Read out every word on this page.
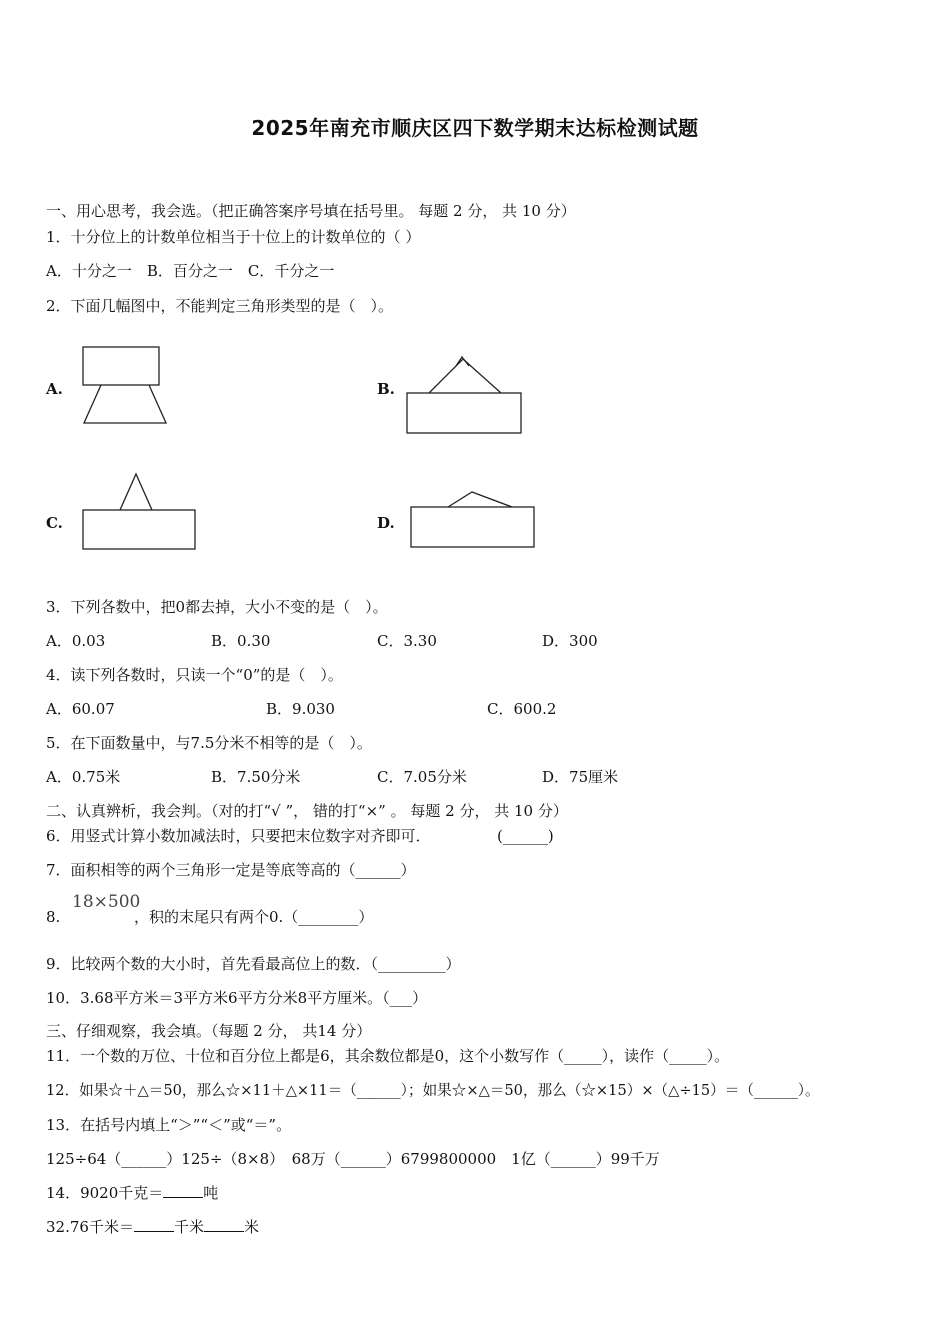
2025年南充市顺庆区四下数学期末达标检测试题
一、用心思考，我会选。（把正确答案序号填在括号里。 每题 2 分， 共 10 分）
1．十分位上的计数单位相当于十位上的计数单位的（ ）
A．十分之一　B．百分之一　C．千分之一
2．下面几幅图中，不能判定三角形类型的是（　）。
A.	B.
C.	D.
3．下列各数中，把0都去掉，大小不变的是（　）。
A．0.03	B．0.30	C．3.30	D．300
4．读下列各数时，只读一个“0”的是（　）。
A．60.07	B．9.030	C．600.2
5．在下面数量中，与7.5分米不相等的是（　）。
A．0.75米	B．7.50分米	C．7.05分米	D．75厘米
二、认真辨析，我会判。（对的打“√ ”， 错的打“×” 。 每题 2 分， 共 10 分）
6．用竖式计算小数加减法时，只要把末位数字对齐即可．	(______)
7．面积相等的两个三角形一定是等底等高的（______）
8.
18×500
，积的末尾只有两个0.（________）
9．比较两个数的大小时，首先看最高位上的数．（_________）
10．3.68平方米＝3平方米6平方分米8平方厘米。（___）
三、仔细观察，我会填。（每题 2 分， 共14 分）
11．一个数的万位、十位和百分位上都是6，其余数位都是0，这个小数写作（_____），读作（_____）。
12．如果☆＋△＝50，那么☆×11＋△×11＝（______）；如果☆×△＝50，那么（☆×15）×（△÷15）＝（______）。
13．在括号内填上“＞”“＜”或“＝”。
125÷64（______）125÷（8×8）　68万（______）6799800000　1亿（______）99千万
14．9020千克＝	吨
32.76千米＝	千米	米
